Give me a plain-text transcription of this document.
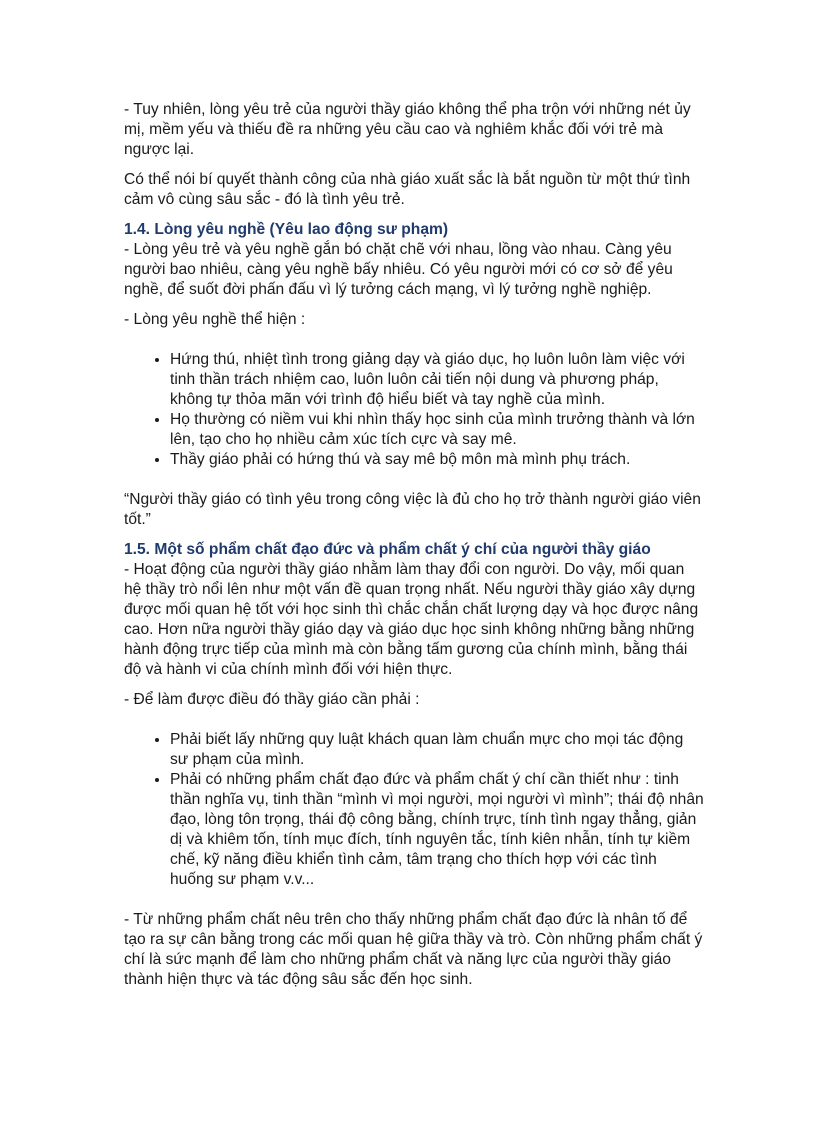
- Tuy nhiên, lòng yêu trẻ của người thầy giáo không thể pha trộn với những nét ủy mị, mềm yếu và thiếu đề ra những yêu cầu cao và nghiêm khắc đối với trẻ mà ngược lại.

Có thể nói bí quyết thành công của nhà giáo xuất sắc là bắt nguồn từ một thứ tình cảm vô cùng sâu sắc - đó là tình yêu trẻ.

1.4. Lòng yêu nghề (Yêu lao động sư phạm)

- Lòng yêu trẻ và yêu nghề gắn bó chặt chẽ với nhau, lồng vào nhau. Càng yêu người bao nhiêu, càng yêu nghề bấy nhiêu. Có yêu người mới có cơ sở để yêu nghề, để suốt đời phấn đấu vì lý tưởng cách mạng, vì lý tưởng nghề nghiệp.

- Lòng yêu nghề thể hiện :

• Hứng thú, nhiệt tình trong giảng dạy và giáo dục, họ luôn luôn làm việc với tinh thần trách nhiệm cao, luôn luôn cải tiến nội dung và phương pháp, không tự thỏa mãn với trình độ hiểu biết và tay nghề của mình.
• Họ thường có niềm vui khi nhìn thấy học sinh của mình trưởng thành và lớn lên, tạo cho họ nhiều cảm xúc tích cực và say mê.
• Thầy giáo phải có hứng thú và say mê bộ môn mà mình phụ trách.

“Người thầy giáo có tình yêu trong công việc là đủ cho họ trở thành người giáo viên tốt.”

1.5. Một số phẩm chất đạo đức và phẩm chất ý chí của người thầy giáo

- Hoạt động của người thầy giáo nhằm làm thay đổi con người. Do vậy, mối quan hệ thầy trò nổi lên như một vấn đề quan trọng nhất. Nếu người thầy giáo xây dựng được mối quan hệ tốt với học sinh thì chắc chắn chất lượng dạy và học được nâng cao. Hơn nữa người thầy giáo dạy và giáo dục học sinh không những bằng những hành động trực tiếp của mình mà còn bằng tấm gương của chính mình, bằng thái độ và hành vi của chính mình đối với hiện thực.

- Để làm được điều đó thầy giáo cần phải :

• Phải biết lấy những quy luật khách quan làm chuẩn mực cho mọi tác động sư phạm của mình.
• Phải có những phẩm chất đạo đức và phẩm chất ý chí cần thiết như : tinh thần nghĩa vụ, tinh thần “mình vì mọi người, mọi người vì mình”; thái độ nhân đạo, lòng tôn trọng, thái độ công bằng, chính trực, tính tình ngay thẳng, giản dị và khiêm tốn, tính mục đích, tính nguyên tắc, tính kiên nhẫn, tính tự kiềm chế, kỹ năng điều khiển tình cảm, tâm trạng cho thích hợp với các tình huống sư phạm v.v...

- Từ những phẩm chất nêu trên cho thấy những phẩm chất đạo đức là nhân tố để tạo ra sự cân bằng trong các mối quan hệ giữa thầy và trò. Còn những phẩm chất ý chí là sức mạnh để làm cho những phẩm chất và năng lực của người thầy giáo thành hiện thực và tác động sâu sắc đến học sinh.
